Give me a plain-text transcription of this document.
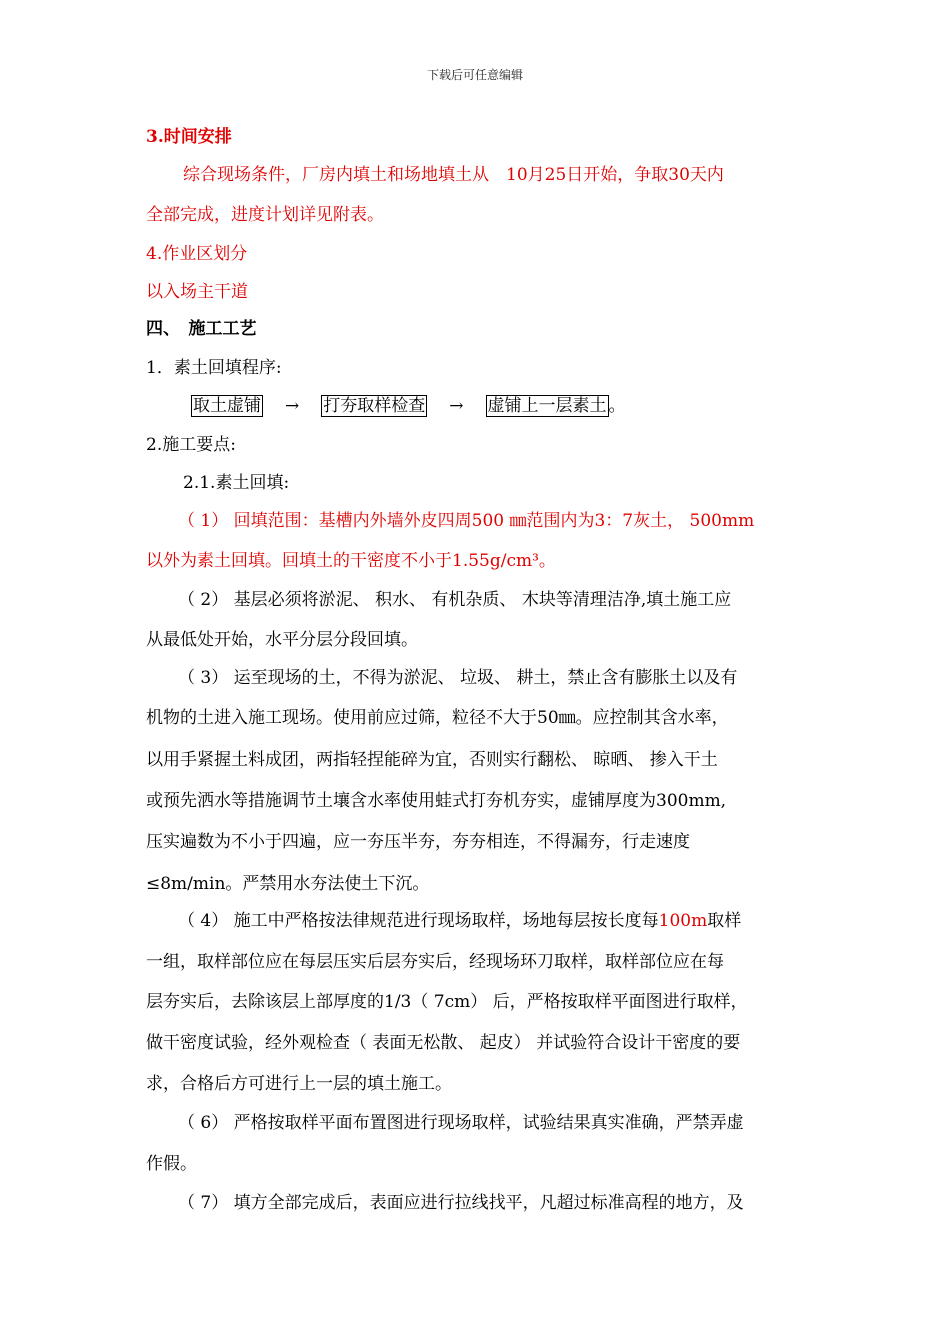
下载后可任意编辑
3.时间安排
综合现场条件，厂房内填土和场地填土从　10月25日开始，争取30天内
全部完成，进度计划详见附表。
4.作业区划分
以入场主干道
四、　施工工艺
1．素土回填程序:
取土虚铺 → 打夯取样检查 → 虚铺上一层素土 。
2.施工要点:
2.1.素土回填:
（ 1） 回填范围：基槽内外墙外皮四周500 ㎜范围内为3：7灰土， 500mm
以外为素土回填。回填土的干密度不小于1.55g/cm³。
（ 2） 基层必须将淤泥、 积水、 有机杂质、 木块等清理洁净,填土施工应
从最低处开始，水平分层分段回填。
（ 3） 运至现场的土，不得为淤泥、 垃圾、 耕土，禁止含有膨胀土以及有
机物的土进入施工现场。使用前应过筛，粒径不大于50㎜。应控制其含水率，
以用手紧握土料成团，两指轻捏能碎为宜，否则实行翻松、 晾晒、 掺入干土
或预先洒水等措施调节土壤含水率使用蛙式打夯机夯实，虚铺厚度为300mm,
压实遍数为不小于四遍，应一夯压半夯，夯夯相连，不得漏夯，行走速度
≤8m/min。严禁用水夯法使土下沉。
（ 4） 施工中严格按法律规范进行现场取样，场地每层按长度每100m取样
一组，取样部位应在每层压实后层夯实后，经现场环刀取样，取样部位应在每
层夯实后，去除该层上部厚度的1/3（ 7cm） 后，严格按取样平面图进行取样，
做干密度试验，经外观检查（ 表面无松散、 起皮） 并试验符合设计干密度的要
求，合格后方可进行上一层的填土施工。
（ 6） 严格按取样平面布置图进行现场取样，试验结果真实准确，严禁弄虚
作假。
（ 7） 填方全部完成后，表面应进行拉线找平，凡超过标准高程的地方，及
